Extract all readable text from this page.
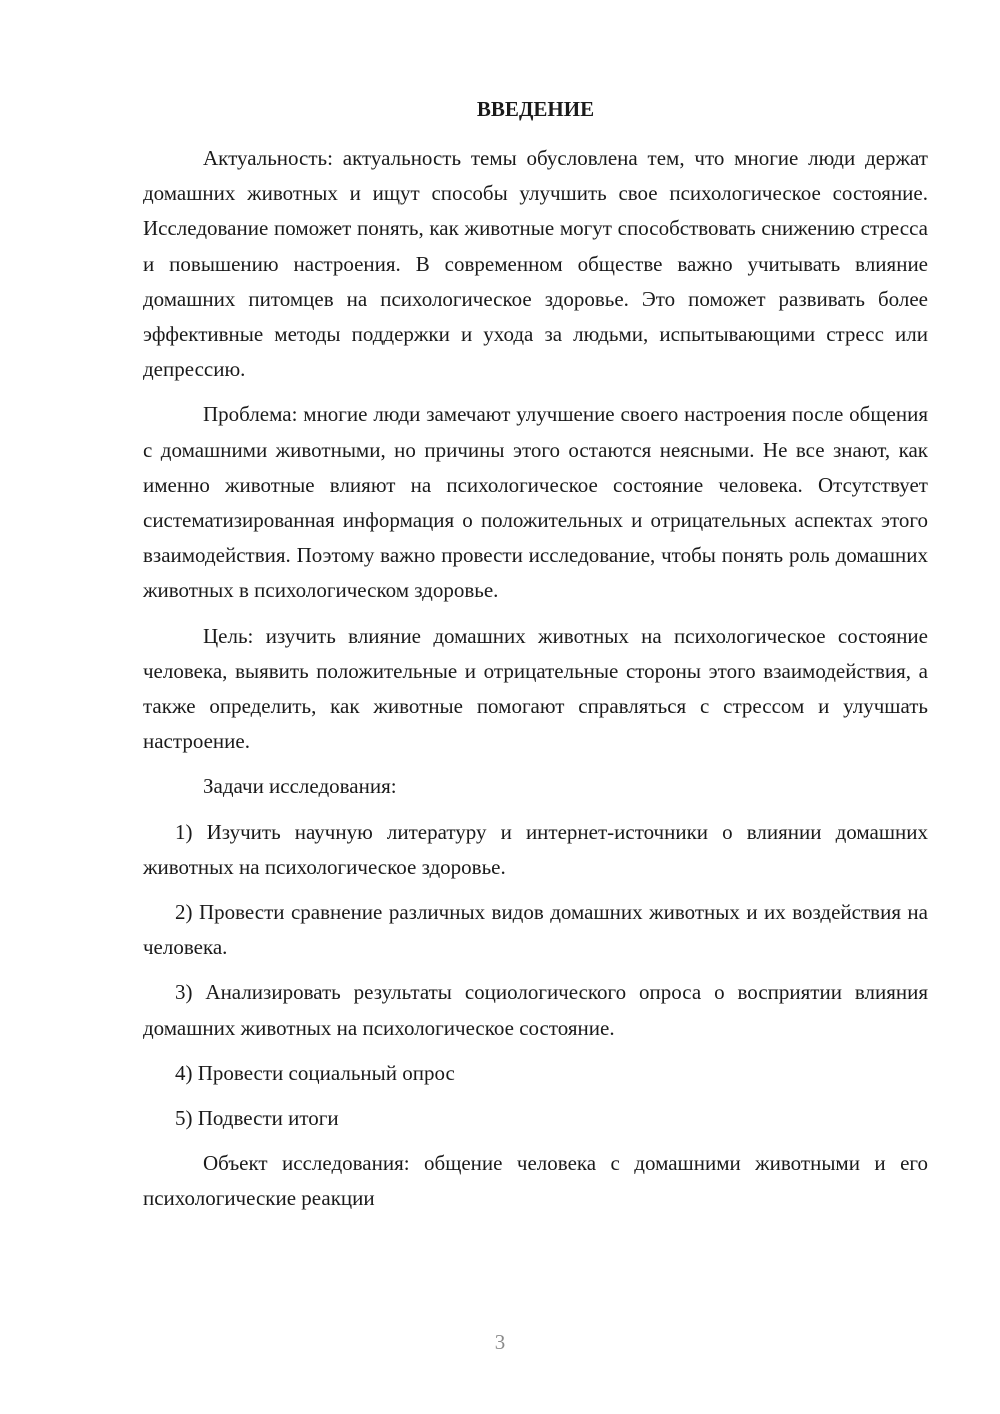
ВВЕДЕНИЕ

Актуальность: актуальность темы обусловлена тем, что многие люди держат домашних животных и ищут способы улучшить свое психологическое состояние. Исследование поможет понять, как животные могут способствовать снижению стресса и повышению настроения. В современном обществе важно учитывать влияние домашних питомцев на психологическое здоровье. Это поможет развивать более эффективные методы поддержки и ухода за людьми, испытывающими стресс или депрессию.

Проблема: многие люди замечают улучшение своего настроения после общения с домашними животными, но причины этого остаются неясными. Не все знают, как именно животные влияют на психологическое состояние человека. Отсутствует систематизированная информация о положительных и отрицательных аспектах этого взаимодействия. Поэтому важно провести исследование, чтобы понять роль домашних животных в психологическом здоровье.

Цель: изучить влияние домашних животных на психологическое состояние человека, выявить положительные и отрицательные стороны этого взаимодействия, а также определить, как животные помогают справляться с стрессом и улучшать настроение.

Задачи исследования:

1) Изучить научную литературу и интернет-источники о влиянии домашних животных на психологическое здоровье.

2) Провести сравнение различных видов домашних животных и их воздействия на человека.

3) Анализировать результаты социологического опроса о восприятии влияния домашних животных на психологическое состояние.

4) Провести социальный опрос

5) Подвести итоги

Объект исследования: общение человека с домашними животными и его психологические реакции

3
